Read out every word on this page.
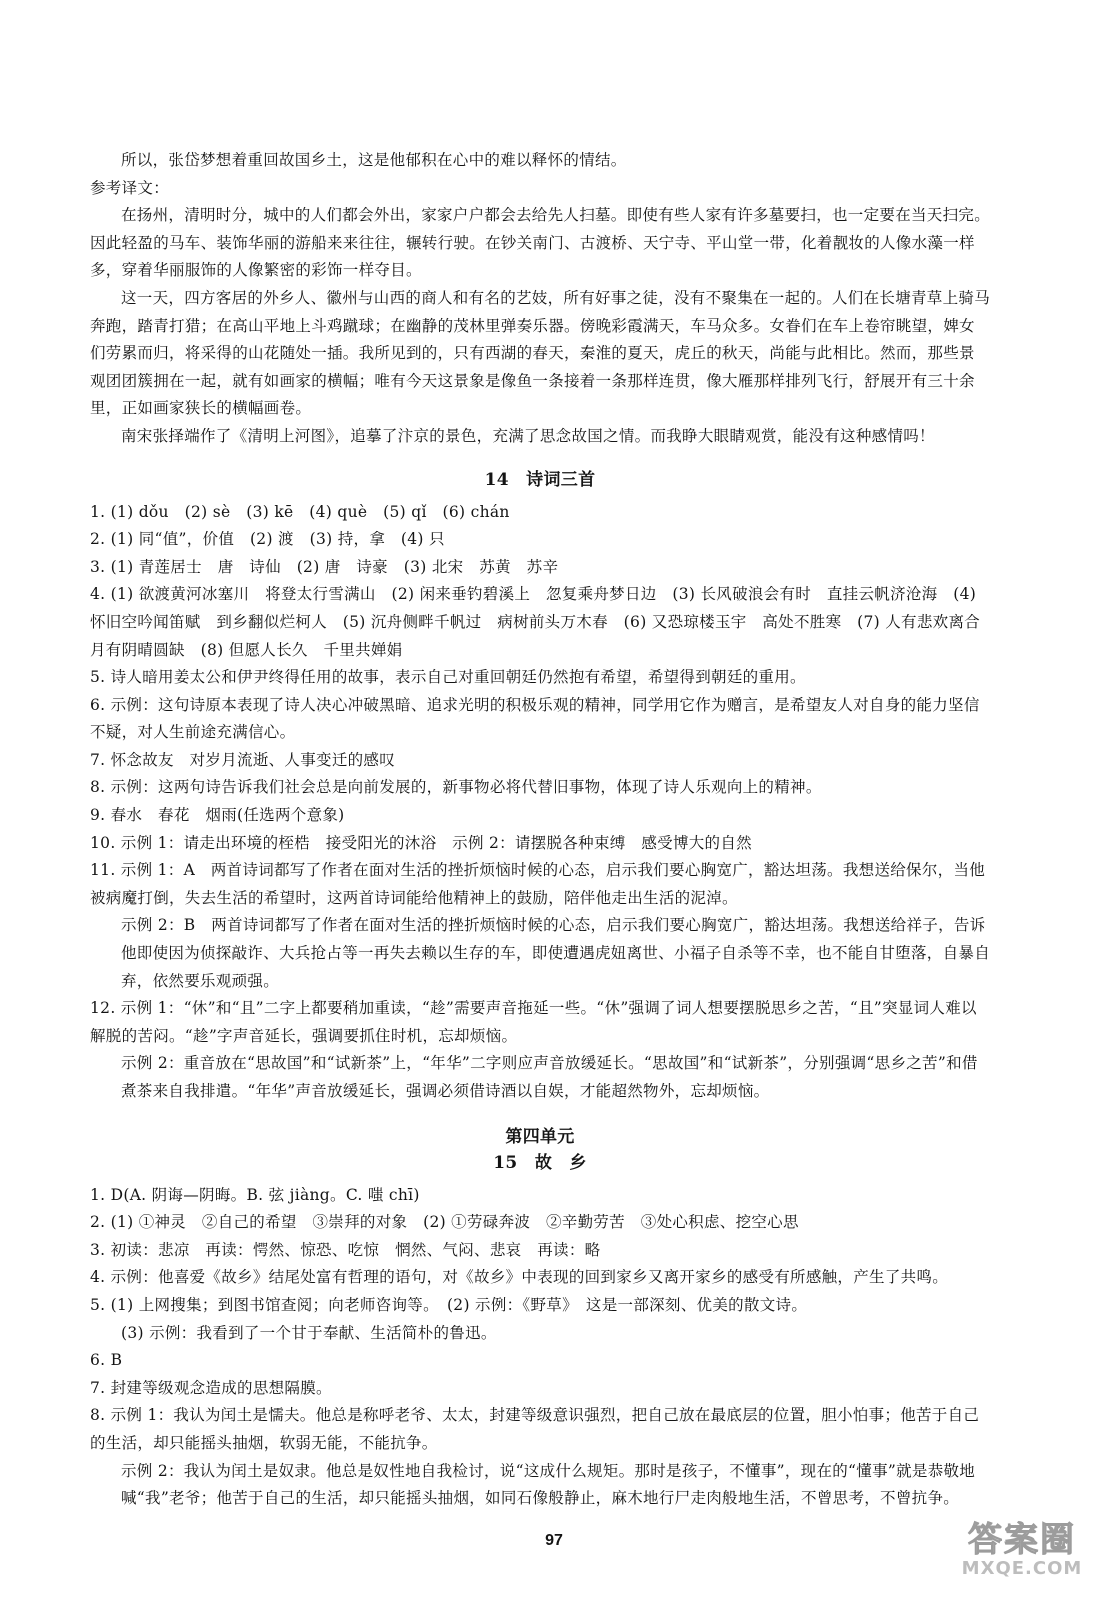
所以，张岱梦想着重回故国乡土，这是他郁积在心中的难以释怀的情结。

参考译文：

在扬州，清明时分，城中的人们都会外出，家家户户都会去给先人扫墓。即使有些人家有许多墓要扫，也一定要在当天扫完。因此轻盈的马车、装饰华丽的游船来来往往，辗转行驶。在钞关南门、古渡桥、天宁寺、平山堂一带，化着靓妆的人像水藻一样多，穿着华丽服饰的人像繁密的彩饰一样夺目。

这一天，四方客居的外乡人、徽州与山西的商人和有名的艺妓，所有好事之徒，没有不聚集在一起的。人们在长塘青草上骑马奔跑，踏青打猎；在高山平地上斗鸡蹴球；在幽静的茂林里弹奏乐器。傍晚彩霞满天，车马众多。女眷们在车上卷帘眺望，婢女们劳累而归，将采得的山花随处一插。我所见到的，只有西湖的春天，秦淮的夏天，虎丘的秋天，尚能与此相比。然而，那些景观团团簇拥在一起，就有如画家的横幅；唯有今天这景象是像鱼一条接着一条那样连贯，像大雁那样排列飞行，舒展开有三十余里，正如画家狭长的横幅画卷。

南宋张择端作了《清明上河图》，追摹了汴京的景色，充满了思念故国之情。而我睁大眼睛观赏，能没有这种感情吗！

14　诗词三首

1. (1) dǒu　(2) sè　(3) kē　(4) què　(5) qǐ　(6) chán

2. (1) 同“值”，价值　(2) 渡　(3) 持，拿　(4) 只

3. (1) 青莲居士　唐　诗仙　(2) 唐　诗豪　(3) 北宋　苏黄　苏辛

4. (1) 欲渡黄河冰塞川　将登太行雪满山　(2) 闲来垂钓碧溪上　忽复乘舟梦日边　(3) 长风破浪会有时　直挂云帆济沧海　(4) 怀旧空吟闻笛赋　到乡翻似烂柯人　(5) 沉舟侧畔千帆过　病树前头万木春　(6) 又恐琼楼玉宇　高处不胜寒　(7) 人有悲欢离合　月有阴晴圆缺　(8) 但愿人长久　千里共婵娟

5. 诗人暗用姜太公和伊尹终得任用的故事，表示自己对重回朝廷仍然抱有希望，希望得到朝廷的重用。

6. 示例：这句诗原本表现了诗人决心冲破黑暗、追求光明的积极乐观的精神，同学用它作为赠言，是希望友人对自身的能力坚信不疑，对人生前途充满信心。

7. 怀念故友　对岁月流逝、人事变迁的感叹

8. 示例：这两句诗告诉我们社会总是向前发展的，新事物必将代替旧事物，体现了诗人乐观向上的精神。

9. 春水　春花　烟雨(任选两个意象)

10. 示例 1：请走出环境的桎梏　接受阳光的沐浴　示例 2：请摆脱各种束缚　感受博大的自然

11. 示例 1：A　两首诗词都写了作者在面对生活的挫折烦恼时候的心态，启示我们要心胸宽广，豁达坦荡。我想送给保尔，当他被病魔打倒，失去生活的希望时，这两首诗词能给他精神上的鼓励，陪伴他走出生活的泥淖。

示例 2：B　两首诗词都写了作者在面对生活的挫折烦恼时候的心态，启示我们要心胸宽广，豁达坦荡。我想送给祥子，告诉他即使因为侦探敲诈、大兵抢占等一再失去赖以生存的车，即使遭遇虎妞离世、小福子自杀等不幸，也不能自甘堕落，自暴自弃，依然要乐观顽强。

12. 示例 1：“休”和“且”二字上都要稍加重读，“趁”需要声音拖延一些。“休”强调了词人想要摆脱思乡之苦，“且”突显词人难以解脱的苦闷。“趁”字声音延长，强调要抓住时机，忘却烦恼。

示例 2：重音放在“思故国”和“试新茶”上，“年华”二字则应声音放缓延长。“思故国”和“试新茶”，分别强调“思乡之苦”和借煮茶来自我排遣。“年华”声音放缓延长，强调必须借诗酒以自娱，才能超然物外，忘却烦恼。

第四单元

15　故　乡

1. D(A. 阴诲—阴晦。B. 弦 jiàng。C. 嗤 chī)

2. (1) ①神灵　②自己的希望　③崇拜的对象　(2) ①劳碌奔波　②辛勤劳苦　③处心积虑、挖空心思

3. 初读：悲凉　再读：愕然、惊恐、吃惊　惘然、气闷、悲哀　再读：略

4. 示例：他喜爱《故乡》结尾处富有哲理的语句，对《故乡》中表现的回到家乡又离开家乡的感受有所感触，产生了共鸣。

5. (1) 上网搜集；到图书馆查阅；向老师咨询等。　(2) 示例：《野草》　这是一部深刻、优美的散文诗。

(3) 示例：我看到了一个甘于奉献、生活简朴的鲁迅。

6. B

7. 封建等级观念造成的思想隔膜。

8. 示例 1：我认为闰土是懦夫。他总是称呼老爷、太太，封建等级意识强烈，把自己放在最底层的位置，胆小怕事；他苦于自己的生活，却只能摇头抽烟，软弱无能，不能抗争。

示例 2：我认为闰土是奴隶。他总是奴性地自我检讨，说“这成什么规矩。那时是孩子，不懂事”，现在的“懂事”就是恭敬地喊“我”老爷；他苦于自己的生活，却只能摇头抽烟，如同石像般静止，麻木地行尸走肉般地生活，不曾思考，不曾抗争。

97	答案圈
MXQE.COM
